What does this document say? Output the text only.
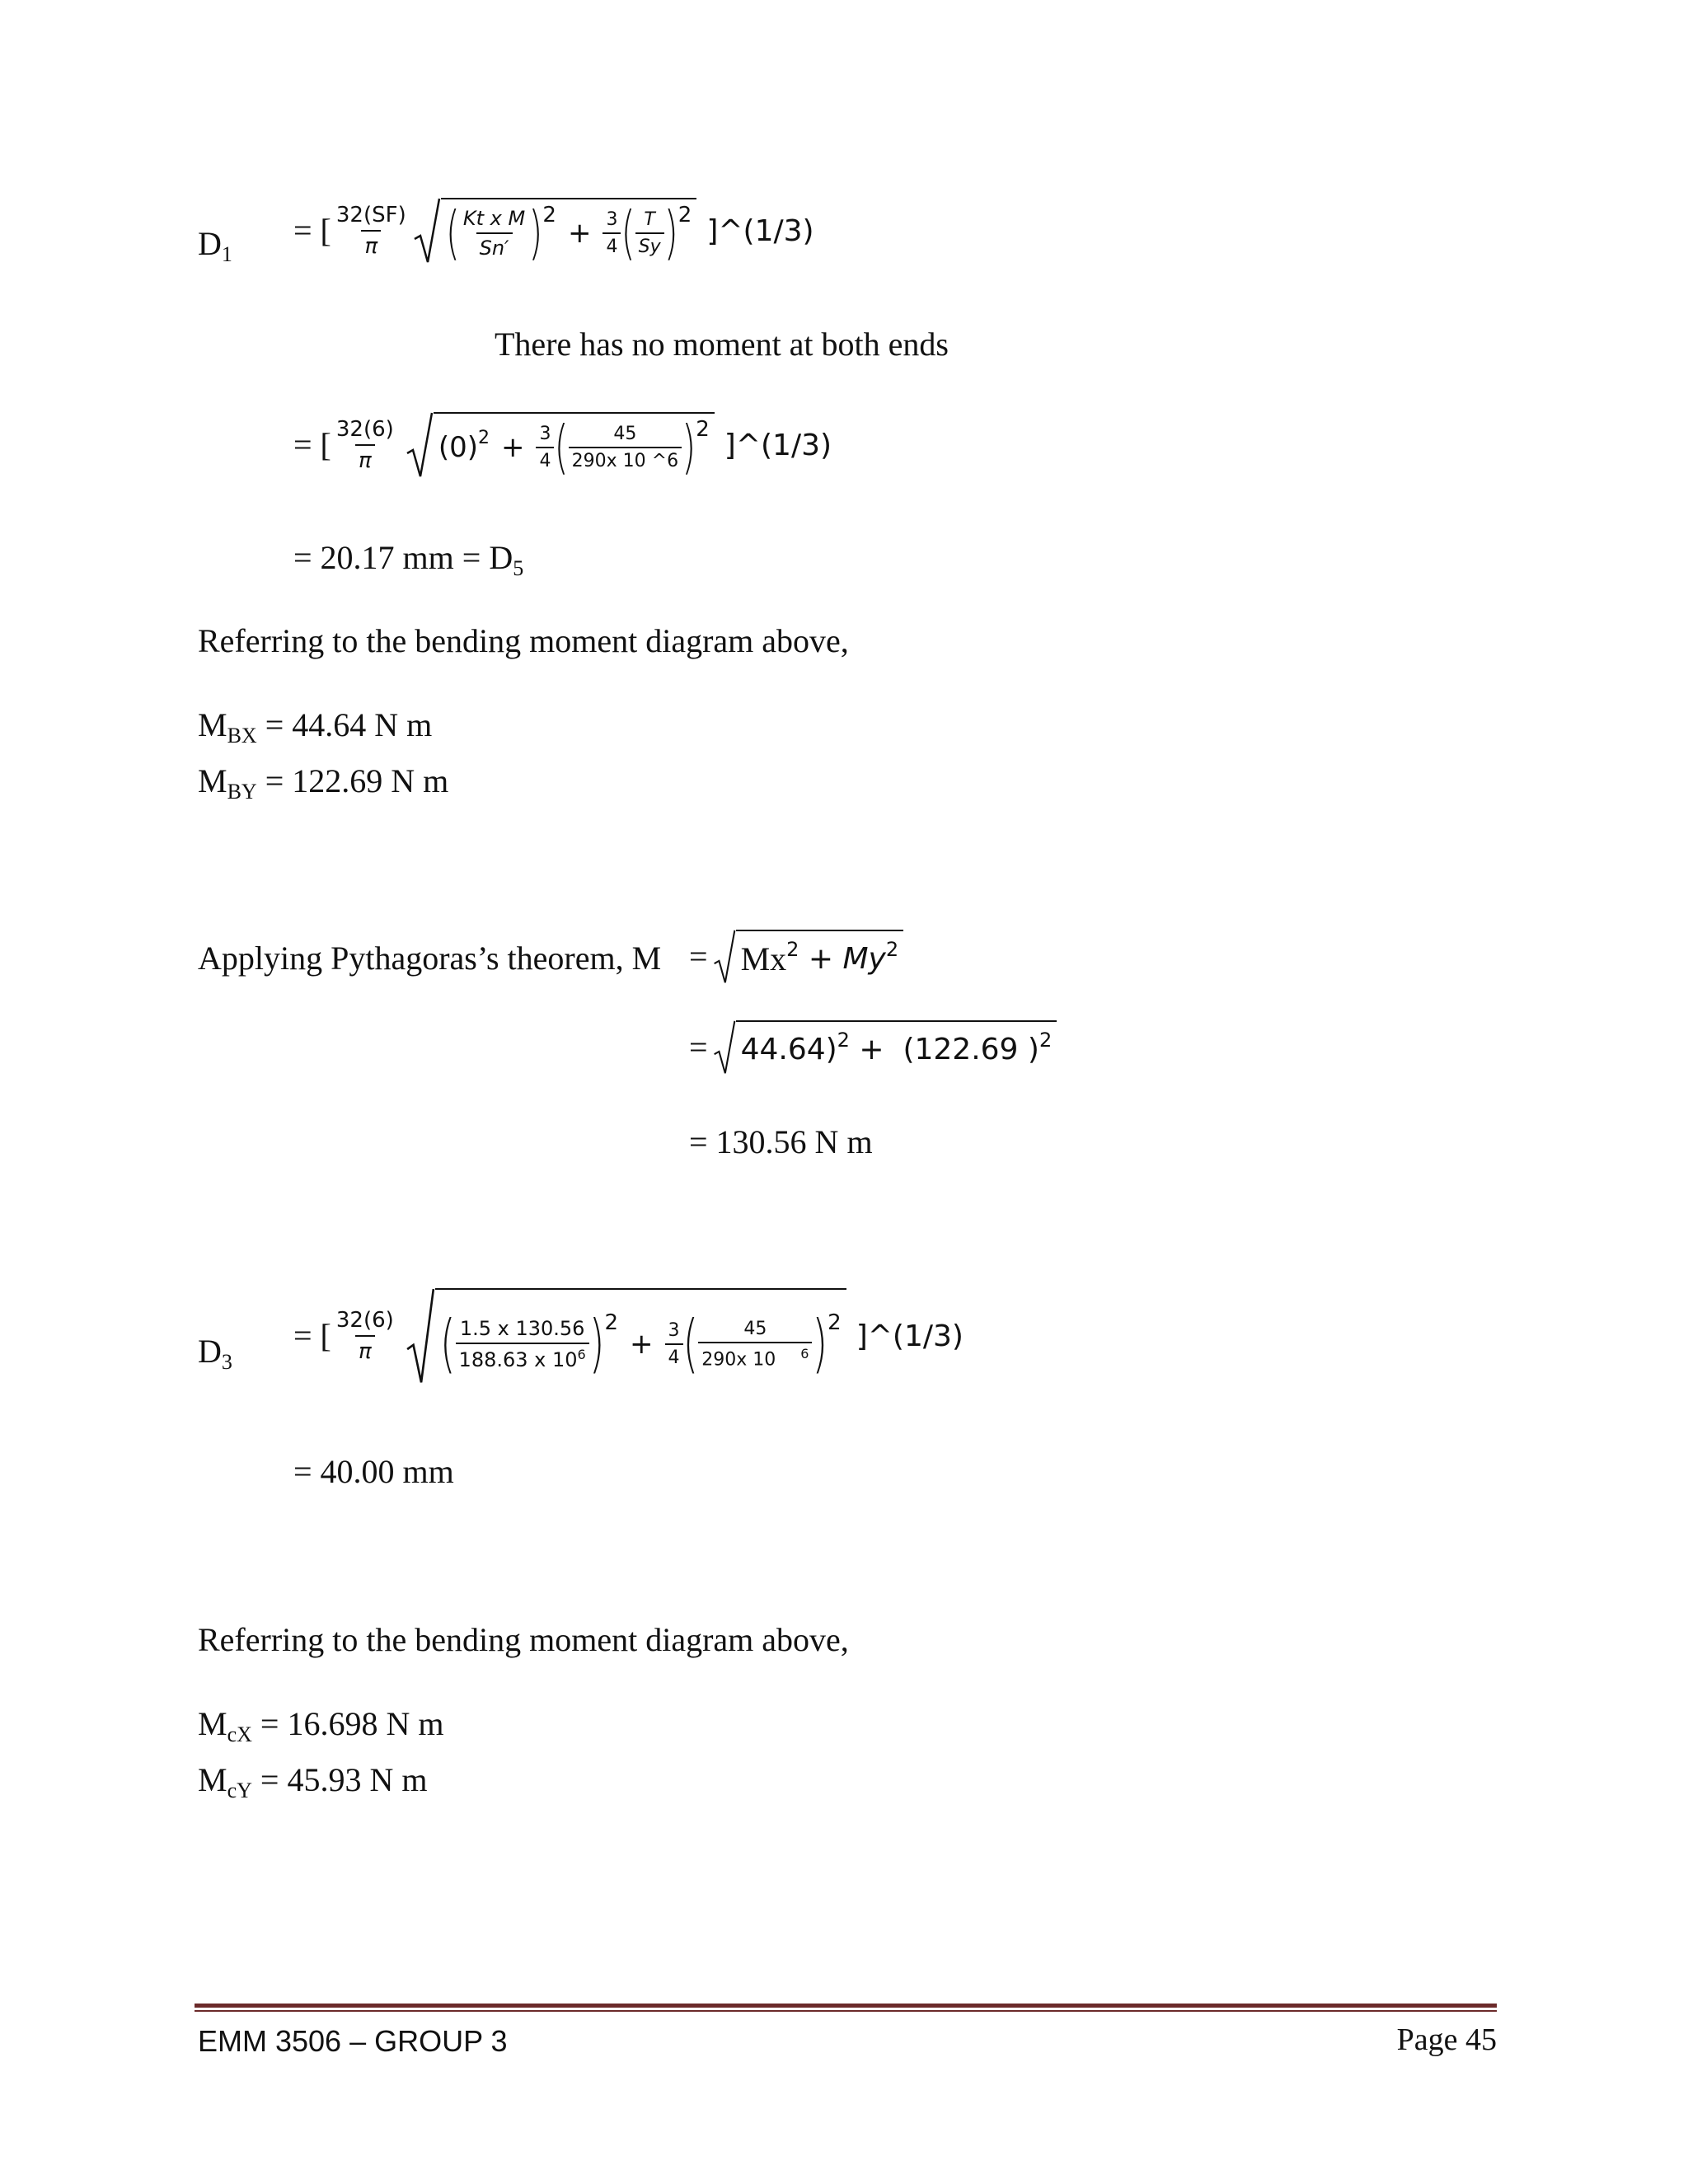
$D_1$
= [ $\frac{32(SF)}{\pi}$ ( $\frac{\text{Kt x M}}{Sn'} )^2$
+ $\frac{3}{4}$ ( $\frac{T}{Sy} )^2$ ]^(1/3)
There has no moment at both ends
= [ $\frac{32(6)}{\pi} (0)^2 + \frac{3}{4}$ ( $\frac{45}{290x 10 \^{}6} )^2$ ]^(1/3)
= 20.17 mm = $D_5$
Referring to the bending moment diagram above,
$M_{BX} = 44.64$ N m
$M_{BY} = 122.69$ N m
Applying Pythagoras’s theorem, $M = Mx^2 + My^2$
= 44.64)$^2$ +  (122.69 )$^2$
= 130.56 N m
$D_3$
= [ $\frac{32(6)}{\pi}$ ( $\frac{1.5 x 130.56}{188.63 x 10^6} )^2$
+ $\frac{3}{4}$ ( $\frac{45}{290x 10 ^6} )^2$ ]^(1/3)
= 40.00 mm
Referring to the bending moment diagram above,
$M_{cX} = 16.698$ N m
$M_{cY} = 45.93$ N m
EMM 3506 – GROUP 3	Page 45
